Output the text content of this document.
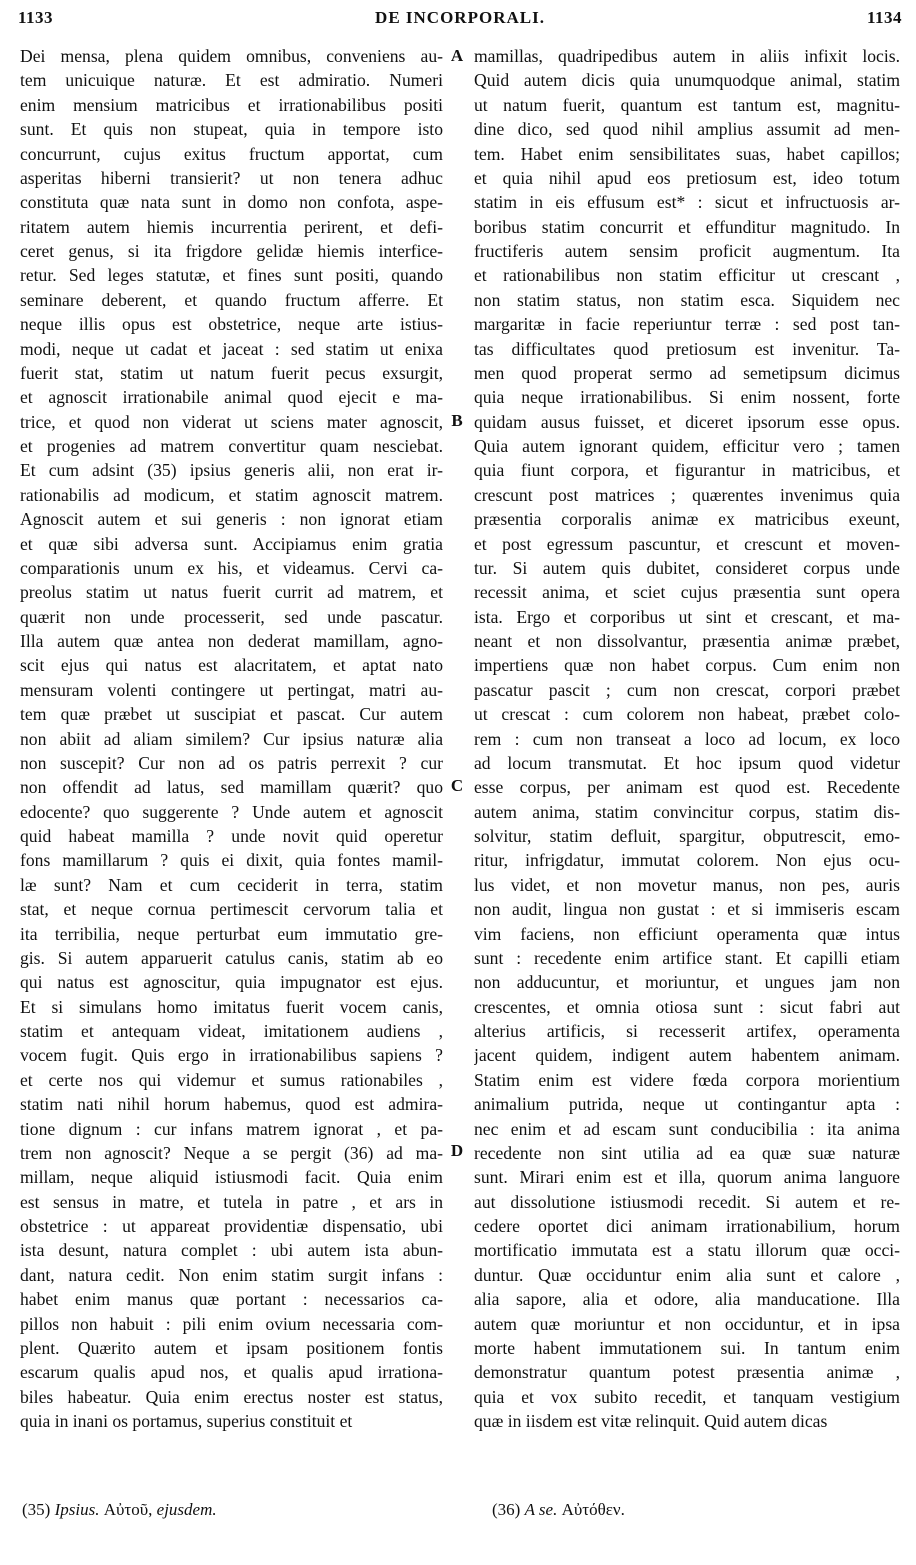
1133	DE INCORPORALI.	1134
Dei mensa, plena quidem omnibus, conveniens au-
tem unicuique naturæ. Et est admiratio. Numeri
enim mensium matricibus et irrationabilibus positi
sunt. Et quis non stupeat, quia in tempore isto
concurrunt, cujus exitus fructum apportat, cum
asperitas hiberni transierit? ut non tenera adhuc
constituta quæ nata sunt in domo non confota, aspe-
ritatem autem hiemis incurrentia perirent, et defi-
ceret genus, si ita frigdore gelidæ hiemis interfice-
retur. Sed leges statutæ, et fines sunt positi, quando
seminare deberent, et quando fructum afferre. Et
neque illis opus est obstetrice, neque arte istius-
modi, neque ut cadat et jaceat : sed statim ut enixa
fuerit stat, statim ut natum fuerit pecus exsurgit,
et agnoscit irrationabile animal quod ejecit e ma-
trice, et quod non viderat ut sciens mater agnoscit,
et progenies ad matrem convertitur quam nesciebat.
Et cum adsint (35) ipsius generis alii, non erat ir-
rationabilis ad modicum, et statim agnoscit matrem.
Agnoscit autem et sui generis : non ignorat etiam
et quæ sibi adversa sunt. Accipiamus enim gratia
comparationis unum ex his, et videamus. Cervi ca-
preolus statim ut natus fuerit currit ad matrem, et
quærit non unde processerit, sed unde pascatur.
Illa autem quæ antea non dederat mamillam, agno-
scit ejus qui natus est alacritatem, et aptat nato
mensuram volenti contingere ut pertingat, matri au-
tem quæ præbet ut suscipiat et pascat. Cur autem
non abiit ad aliam similem? Cur ipsius naturæ alia
non suscepit? Cur non ad os patris perrexit ? cur
non offendit ad latus, sed mamillam quærit? quo
edocente? quo suggerente ? Unde autem et agnoscit
quid habeat mamilla ? unde novit quid operetur
fons mamillarum ? quis ei dixit, quia fontes mamil-
læ sunt? Nam et cum ceciderit in terra, statim
stat, et neque cornua pertimescit cervorum talia et
ita terribilia, neque perturbat eum immutatio gre-
gis. Si autem apparuerit catulus canis, statim ab eo
qui natus est agnoscitur, quia impugnator est ejus.
Et si simulans homo imitatus fuerit vocem canis,
statim et antequam videat, imitationem audiens ,
vocem fugit. Quis ergo in irrationabilibus sapiens ?
et certe nos qui videmur et sumus rationabiles ,
statim nati nihil horum habemus, quod est admira-
tione dignum : cur infans matrem ignorat , et pa-
trem non agnoscit? Neque a se pergit (36) ad ma-
millam, neque aliquid istiusmodi facit. Quia enim
est sensus in matre, et tutela in patre , et ars in
obstetrice : ut appareat providentiæ dispensatio, ubi
ista desunt, natura complet : ubi autem ista abun-
dant, natura cedit. Non enim statim surgit infans :
habet enim manus quæ portant : necessarios ca-
pillos non habuit : pili enim ovium necessaria com-
plent. Quærito autem et ipsam positionem fontis
escarum qualis apud nos, et qualis apud irrationa-
biles habeatur. Quia enim erectus noster est status,
quia in inani os portamus, superius constituit et
mamillas, quadripedibus autem in aliis infixit locis.
Quid autem dicis quia unumquodque animal, statim
ut natum fuerit, quantum est tantum est, magnitu-
dine dico, sed quod nihil amplius assumit ad men-
tem. Habet enim sensibilitates suas, habet capillos;
et quia nihil apud eos pretiosum est, ideo totum
statim in eis effusum est* : sicut et infructuosis ar-
boribus statim concurrit et effunditur magnitudo. In
fructiferis autem sensim proficit augmentum. Ita
et rationabilibus non statim efficitur ut crescant ,
non statim status, non statim esca. Siquidem nec
margaritæ in facie reperiuntur terræ : sed post tan-
tas difficultates quod pretiosum est invenitur. Ta-
men quod properat sermo ad semetipsum dicimus
quia neque irrationabilibus. Si enim nossent, forte
quidam ausus fuisset, et diceret ipsorum esse opus.
Quia autem ignorant quidem, efficitur vero ; tamen
quia fiunt corpora, et figurantur in matricibus, et
crescunt post matrices ; quærentes invenimus quia
præsentia corporalis animæ ex matricibus exeunt,
et post egressum pascuntur, et crescunt et moven-
tur. Si autem quis dubitet, consideret corpus unde
recessit anima, et sciet cujus præsentia sunt opera
ista. Ergo et corporibus ut sint et crescant, et ma-
neant et non dissolvantur, præsentia animæ præbet,
impertiens quæ non habet corpus. Cum enim non
pascatur pascit ; cum non crescat, corpori præbet
ut crescat : cum colorem non habeat, præbet colo-
rem : cum non transeat a loco ad locum, ex loco
ad locum transmutat. Et hoc ipsum quod videtur
esse corpus, per animam est quod est. Recedente
autem anima, statim convincitur corpus, statim dis-
solvitur, statim defluit, spargitur, obputrescit, emo-
ritur, infrigdatur, immutat colorem. Non ejus ocu-
lus videt, et non movetur manus, non pes, auris
non audit, lingua non gustat : et si immiseris escam
vim faciens, non efficiunt operamenta quæ intus
sunt : recedente enim artifice stant. Et capilli etiam
non adducuntur, et moriuntur, et ungues jam non
crescentes, et omnia otiosa sunt : sicut fabri aut
alterius artificis, si recesserit artifex, operamenta
jacent quidem, indigent autem habentem animam.
Statim enim est videre fœda corpora morientium
animalium putrida, neque ut contingantur apta :
nec enim et ad escam sunt conducibilia : ita anima
recedente non sint utilia ad ea quæ suæ naturæ
sunt. Mirari enim est et illa, quorum anima languore
aut dissolutione istiusmodi recedit. Si autem et re-
cedere oportet dici animam irrationabilium, horum
mortificatio immutata est a statu illorum quæ occi-
duntur. Quæ occiduntur enim alia sunt et calore ,
alia sapore, alia et odore, alia manducatione. Illa
autem quæ moriuntur et non occiduntur, et in ipsa
morte habent immutationem sui. In tantum enim
demonstratur quantum potest præsentia animæ ,
quia et vox subito recedit, et tanquam vestigium
quæ in iisdem est vitæ relinquit. Quid autem dicas
A
B
C
D
(35) Ipsius. Αὐτοῦ, ejusdem.	(36) A se. Αὐτόθεν.
